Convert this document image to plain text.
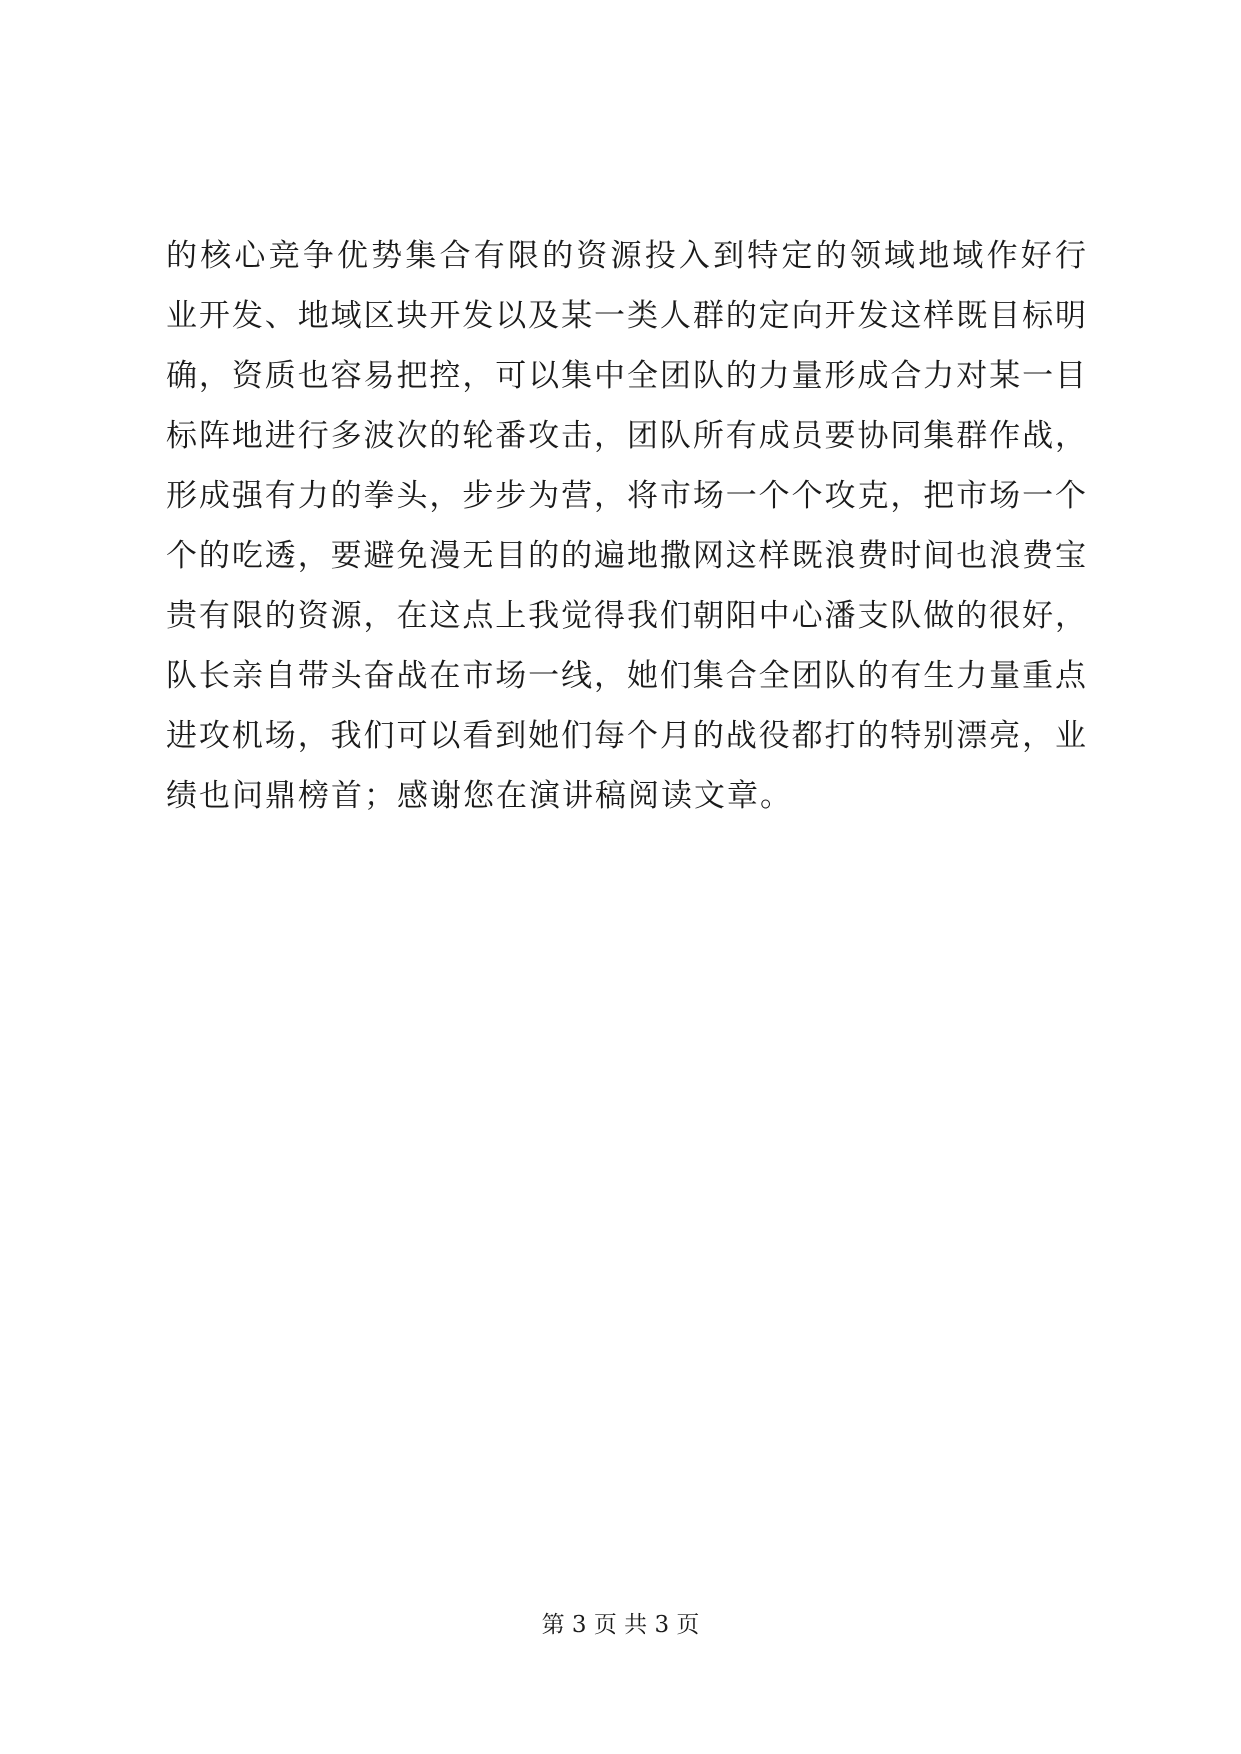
的核心竞争优势集合有限的资源投入到特定的领域地域作好行
业开发、地域区块开发以及某一类人群的定向开发这样既目标明
确，资质也容易把控，可以集中全团队的力量形成合力对某一目
标阵地进行多波次的轮番攻击，团队所有成员要协同集群作战，
形成强有力的拳头，步步为营，将市场一个个攻克，把市场一个
个的吃透，要避免漫无目的的遍地撒网这样既浪费时间也浪费宝
贵有限的资源，在这点上我觉得我们朝阳中心潘支队做的很好，
队长亲自带头奋战在市场一线，她们集合全团队的有生力量重点
进攻机场，我们可以看到她们每个月的战役都打的特别漂亮，业
绩也问鼎榜首；感谢您在演讲稿阅读文章。
第 3 页 共 3 页
